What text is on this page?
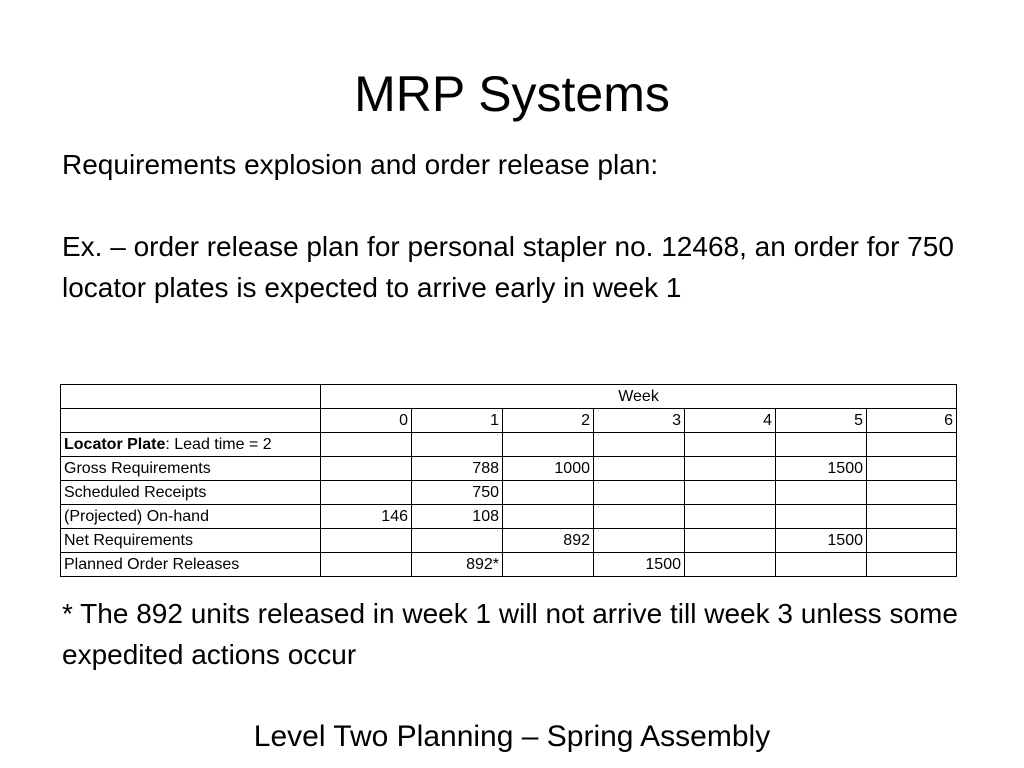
MRP Systems
Requirements explosion and order release plan:
Ex. – order release plan for personal stapler no. 12468, an order for 750 locator plates is expected to arrive early in week 1
	Week						
	0	1	2	3	4	5	6
Locator Plate: Lead time = 2							
Gross Requirements		788	1000			1500	
Scheduled Receipts		750					
(Projected) On-hand	146	108					
Net Requirements			892			1500	
Planned Order Releases		892*		1500			
* The 892 units released in week 1 will not arrive till week 3 unless some expedited actions occur
Level Two Planning – Spring Assembly
